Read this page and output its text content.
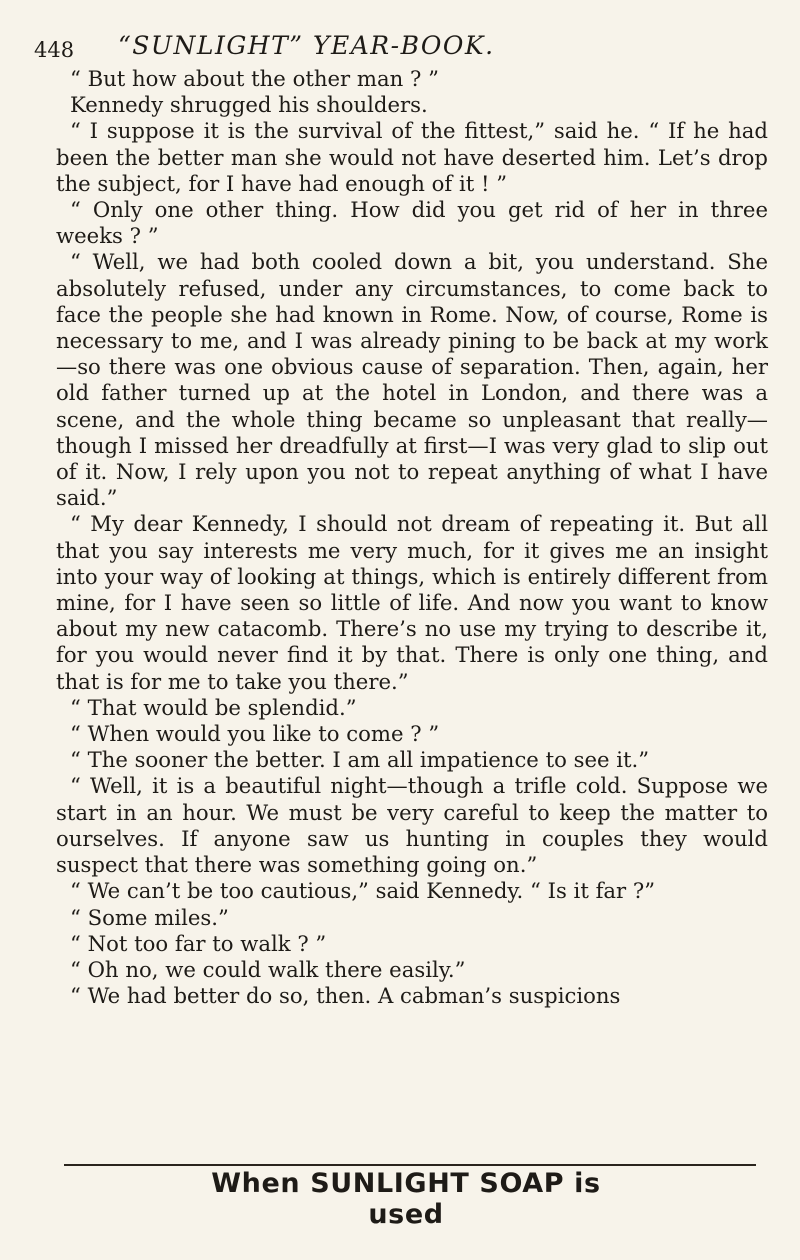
448 “SUNLIGHT” YEAR-BOOK.

“ But how about the other man ? ”

Kennedy shrugged his shoulders.

“ I suppose it is the survival of the fittest,” said he. “ If he had been the better man she would not have deserted him. Let’s drop the subject, for I have had enough of it ! ”

“ Only one other thing. How did you get rid of her in three weeks ? ”

“ Well, we had both cooled down a bit, you understand. She absolutely refused, under any circumstances, to come back to face the people she had known in Rome. Now, of course, Rome is necessary to me, and I was already pining to be back at my work—so there was one obvious cause of separation. Then, again, her old father turned up at the hotel in London, and there was a scene, and the whole thing became so unpleasant that really—though I missed her dreadfully at first—I was very glad to slip out of it. Now, I rely upon you not to repeat anything of what I have said.”

“ My dear Kennedy, I should not dream of repeating it. But all that you say interests me very much, for it gives me an insight into your way of looking at things, which is entirely different from mine, for I have seen so little of life. And now you want to know about my new catacomb. There’s no use my trying to describe it, for you would never find it by that. There is only one thing, and that is for me to take you there.”

“ That would be splendid.”

“ When would you like to come ? ”

“ The sooner the better. I am all impatience to see it.”

“ Well, it is a beautiful night—though a trifle cold. Suppose we start in an hour. We must be very careful to keep the matter to ourselves. If anyone saw us hunting in couples they would suspect that there was something going on.”

“ We can’t be too cautious,” said Kennedy. “ Is it far ?”

“ Some miles.”

“ Not too far to walk ? ”

“ Oh no, we could walk there easily.”

“ We had better do so, then. A cabman’s suspicions

When SUNLIGHT SOAP is used
